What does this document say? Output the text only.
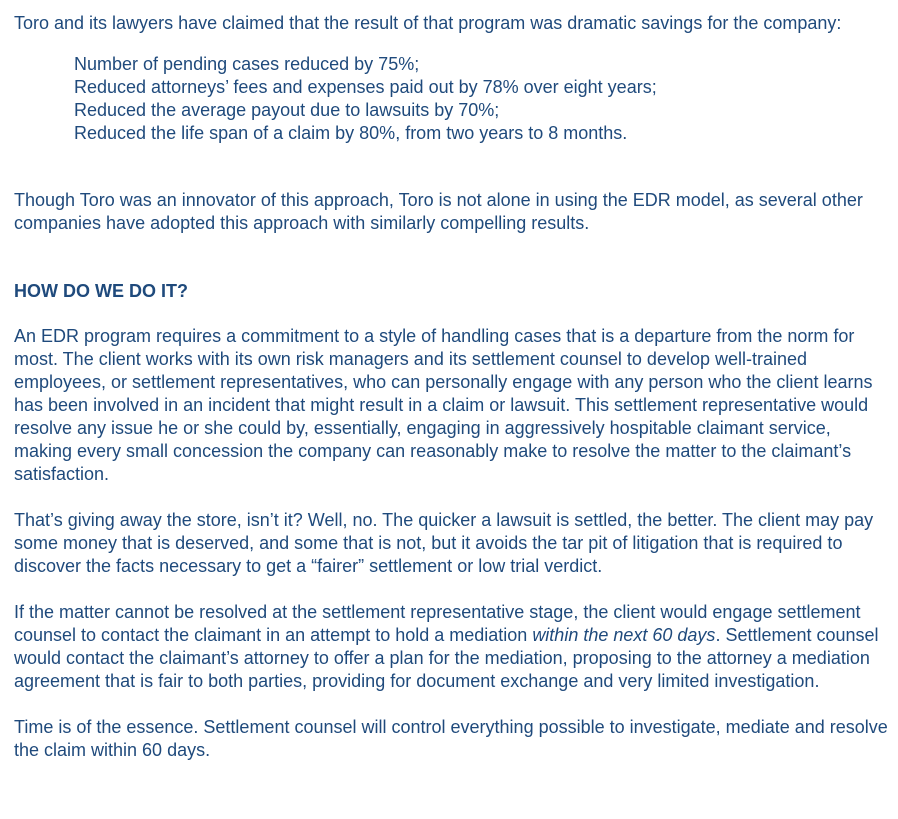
Toro and its lawyers have claimed that the result of that program was dramatic savings for the company:

Number of pending cases reduced by 75%;
Reduced attorneys’ fees and expenses paid out by 78% over eight years;
Reduced the average payout due to lawsuits by 70%;
Reduced the life span of a claim by 80%, from two years to 8 months.

Though Toro was an innovator of this approach, Toro is not alone in using the EDR model, as several other companies have adopted this approach with similarly compelling results.

HOW DO WE DO IT?

An EDR program requires a commitment to a style of handling cases that is a departure from the norm for most. The client works with its own risk managers and its settlement counsel to develop well-trained employees, or settlement representatives, who can personally engage with any person who the client learns has been involved in an incident that might result in a claim or lawsuit. This settlement representative would resolve any issue he or she could by, essentially, engaging in aggressively hospitable claimant service, making every small concession the company can reasonably make to resolve the matter to the claimant’s satisfaction.

That’s giving away the store, isn’t it? Well, no. The quicker a lawsuit is settled, the better. The client may pay some money that is deserved, and some that is not, but it avoids the tar pit of litigation that is required to discover the facts necessary to get a “fairer” settlement or low trial verdict.

If the matter cannot be resolved at the settlement representative stage, the client would engage settlement counsel to contact the claimant in an attempt to hold a mediation within the next 60 days. Settlement counsel would contact the claimant’s attorney to offer a plan for the mediation, proposing to the attorney a mediation agreement that is fair to both parties, providing for document exchange and very limited investigation.

Time is of the essence. Settlement counsel will control everything possible to investigate, mediate and resolve the claim within 60 days.
